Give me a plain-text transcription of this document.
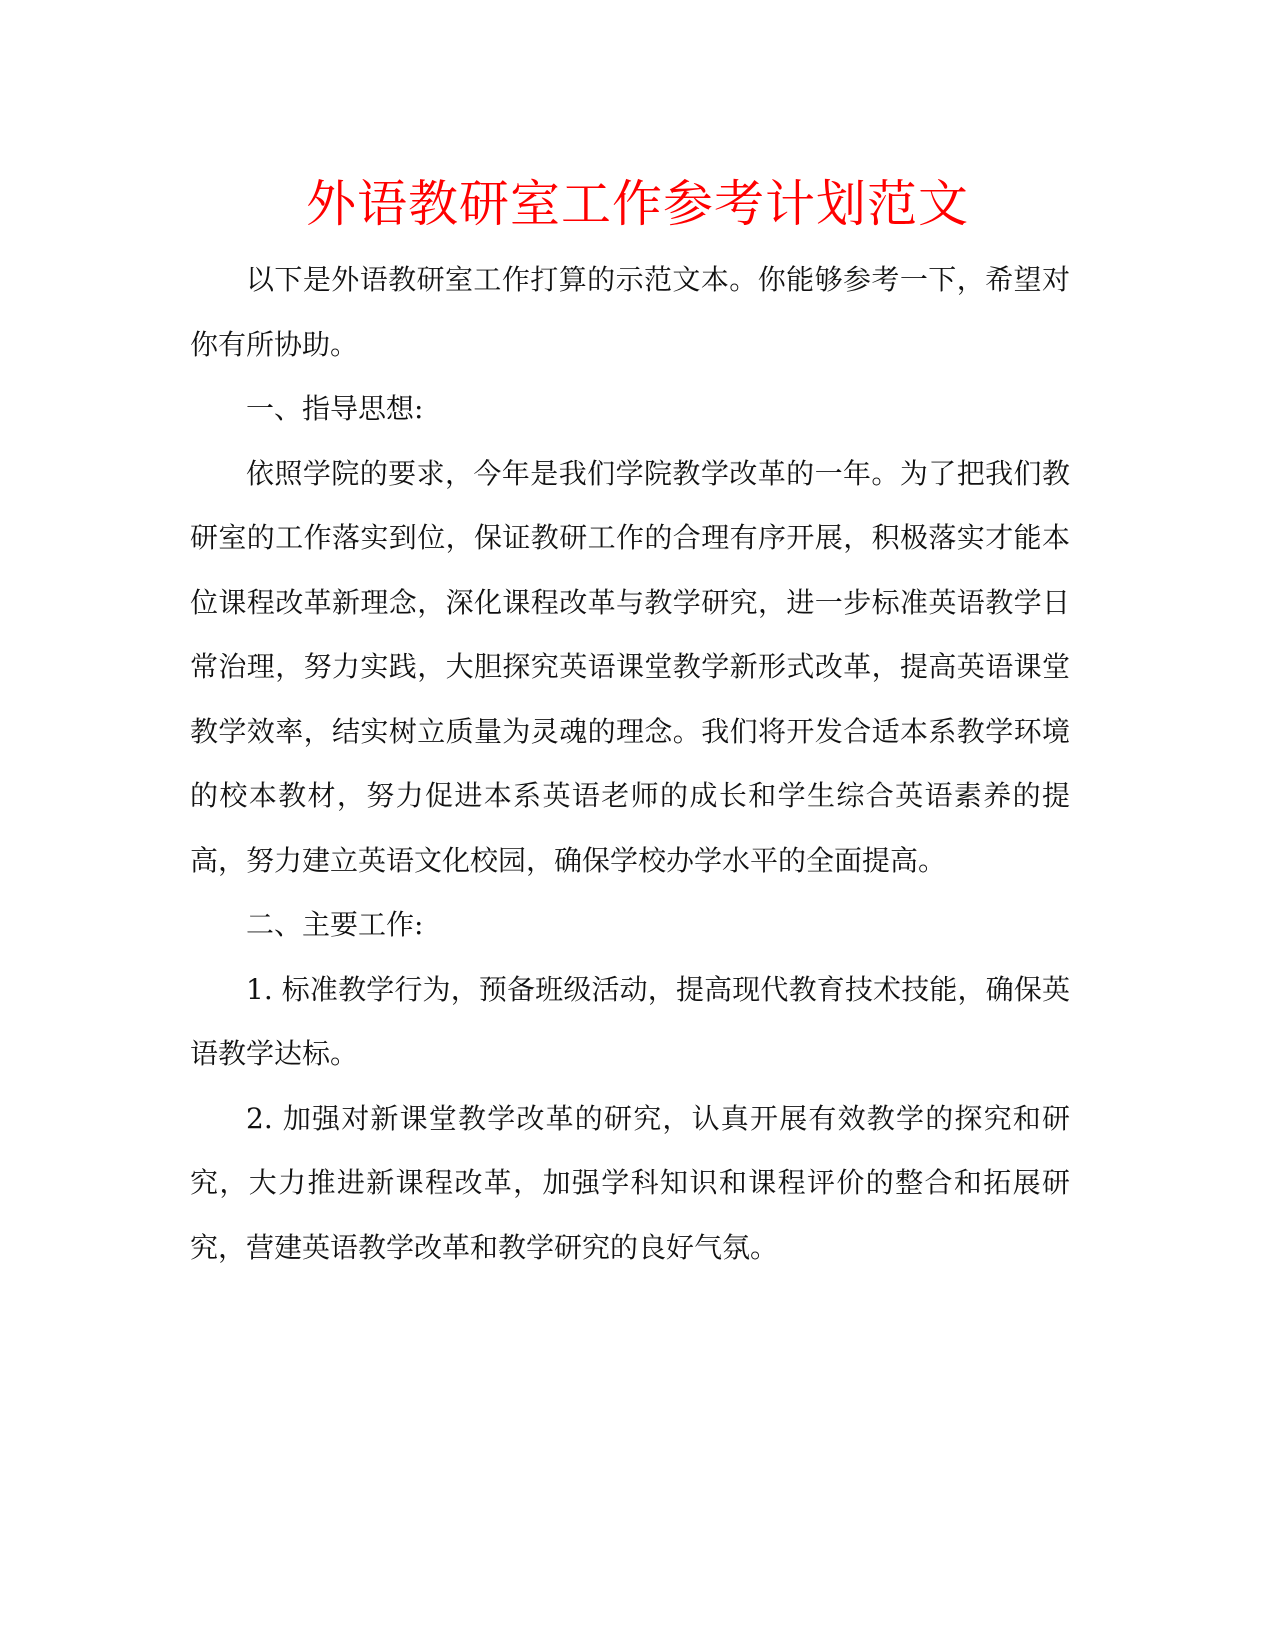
外语教研室工作参考计划范文

以下是外语教研室工作打算的示范文本。你能够参考一下，希望对你有所协助。

一、指导思想:

依照学院的要求，今年是我们学院教学改革的一年。为了把我们教研室的工作落实到位，保证教研工作的合理有序开展，积极落实才能本位课程改革新理念，深化课程改革与教学研究，进一步标准英语教学日常治理，努力实践，大胆探究英语课堂教学新形式改革，提高英语课堂教学效率，结实树立质量为灵魂的理念。我们将开发合适本系教学环境的校本教材，努力促进本系英语老师的成长和学生综合英语素养的提高，努力建立英语文化校园，确保学校办学水平的全面提高。

二、主要工作:

1. 标准教学行为，预备班级活动，提高现代教育技术技能，确保英语教学达标。

2. 加强对新课堂教学改革的研究，认真开展有效教学的探究和研究，大力推进新课程改革，加强学科知识和课程评价的整合和拓展研究，营建英语教学改革和教学研究的良好气氛。
